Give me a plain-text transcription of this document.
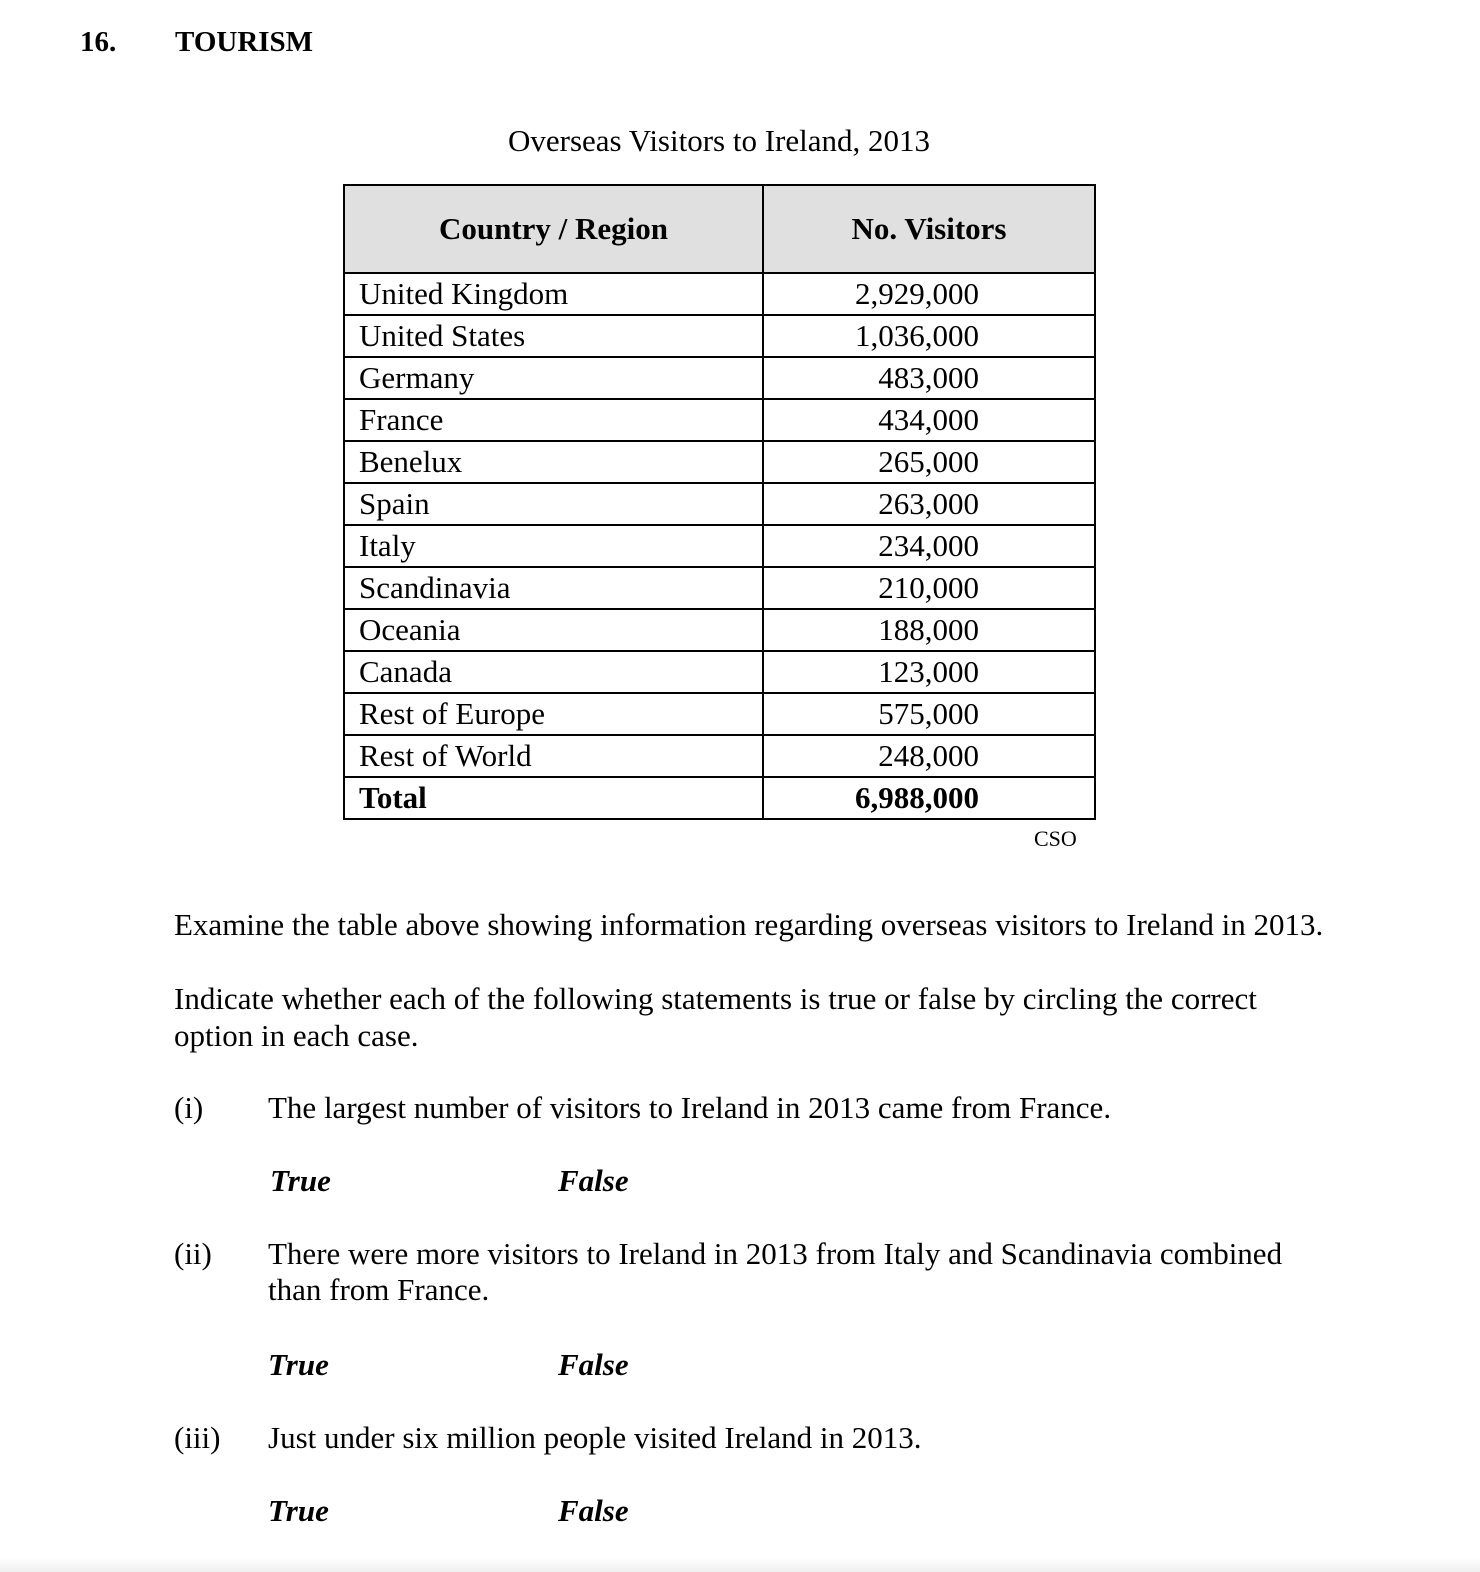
16. TOURISM
Overseas Visitors to Ireland, 2013
Country / Region	No. Visitors
United Kingdom	2,929,000
United States	1,036,000
Germany	483,000
France	434,000
Benelux	265,000
Spain	263,000
Italy	234,000
Scandinavia	210,000
Oceania	188,000
Canada	123,000
Rest of Europe	575,000
Rest of World	248,000
Total	6,988,000
CSO
Examine the table above showing information regarding overseas visitors to Ireland in 2013.
Indicate whether each of the following statements is true or false by circling the correct option in each case.
(i) The largest number of visitors to Ireland in 2013 came from France.
True	False
(ii) There were more visitors to Ireland in 2013 from Italy and Scandinavia combined than from France.
True	False
(iii) Just under six million people visited Ireland in 2013.
True	False
